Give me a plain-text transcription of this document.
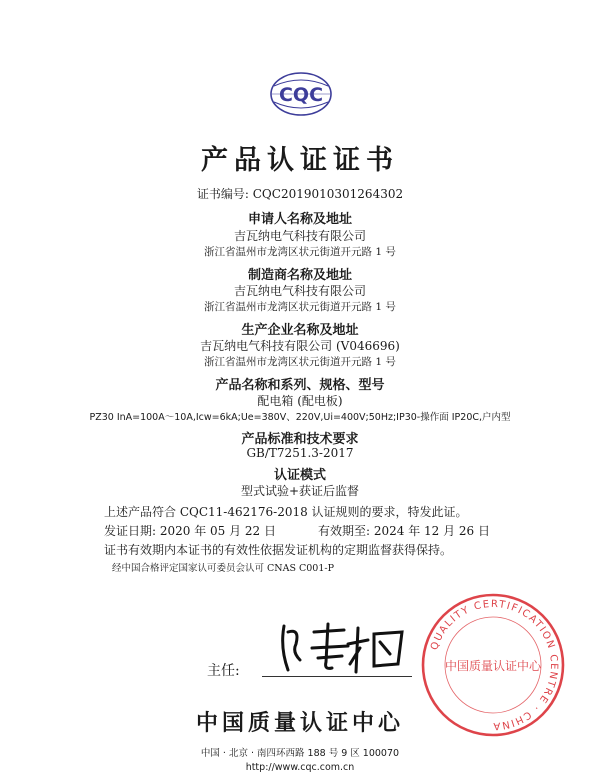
CQC
产品认证证书
证书编号: CQC2019010301264302
申请人名称及地址
吉瓦纳电气科技有限公司
浙江省温州市龙湾区状元街道开元路 1 号
制造商名称及地址
吉瓦纳电气科技有限公司
浙江省温州市龙湾区状元街道开元路 1 号
生产企业名称及地址
吉瓦纳电气科技有限公司 (V046696)
浙江省温州市龙湾区状元街道开元路 1 号
产品名称和系列、规格、型号
配电箱 (配电板)
PZ30 InA=100A～10A,Icw=6kA;Ue=380V、220V,Ui=400V;50Hz;IP30-操作面 IP20C,户内型
产品标准和技术要求
GB/T7251.3-2017
认证模式
型式试验+获证后监督
上述产品符合 CQC11-462176-2018 认证规则的要求，特发此证。
发证日期: 2020 年 05 月 22 日	有效期至: 2024 年 12 月 26 日
证书有效期内本证书的有效性依据发证机构的定期监督获得保持。
经中国合格评定国家认可委员会认可 CNAS C001-P
QUALITY CERTIFICATION CENTRE · CHINA
中国质量认证中心
主任:
中国质量认证中心
中国 · 北京 · 南四环西路 188 号 9 区 100070
http://www.cqc.com.cn
